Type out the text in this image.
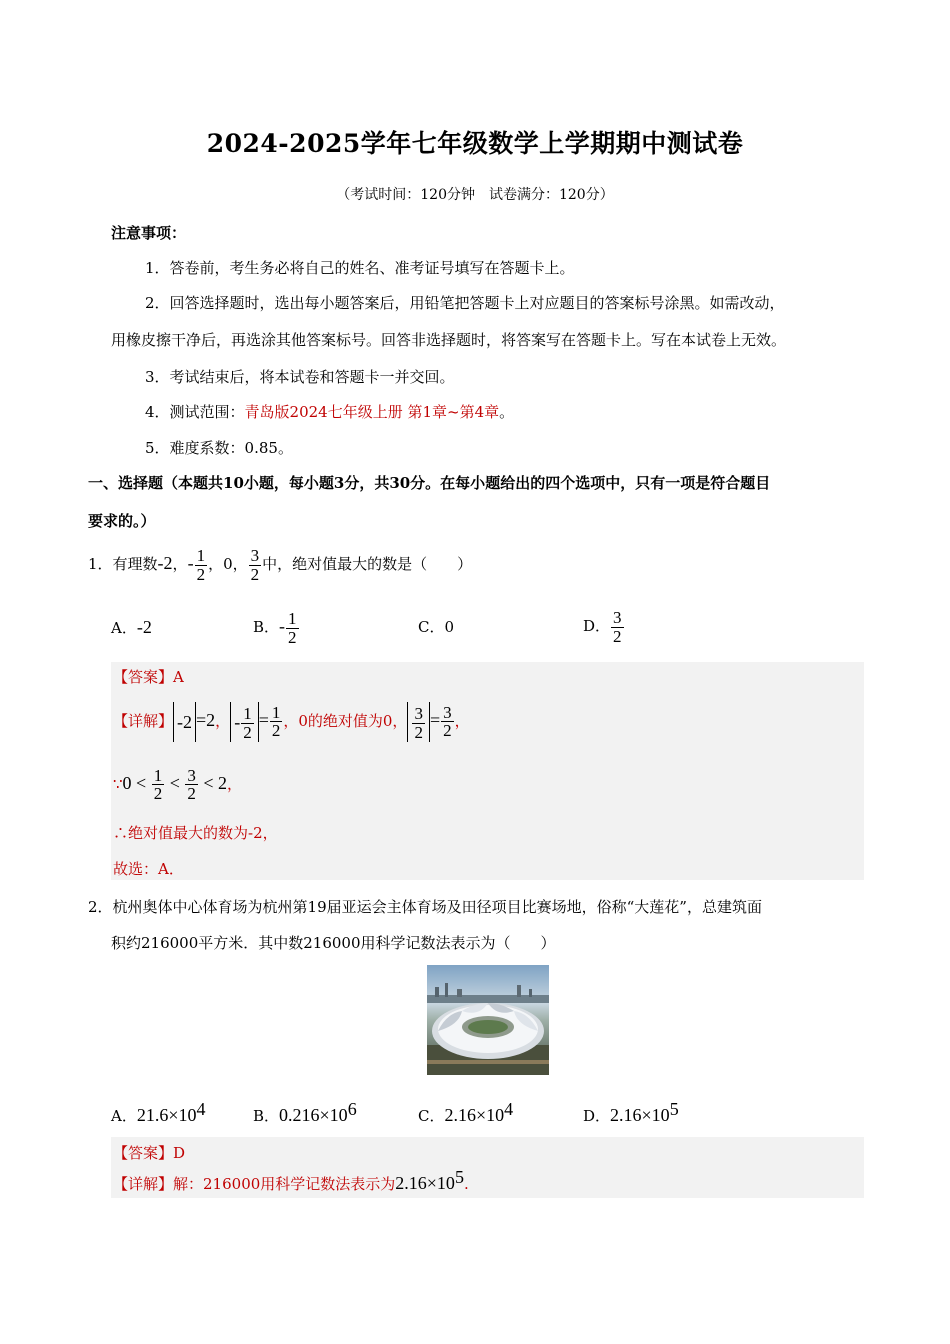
2024-2025学年七年级数学上学期期中测试卷
（考试时间：120分钟　试卷满分：120分）
注意事项：
1．答卷前，考生务必将自己的姓名、准考证号填写在答题卡上。
2．回答选择题时，选出每小题答案后，用铅笔把答题卡上对应题目的答案标号涂黑。如需改动，
用橡皮擦干净后，再选涂其他答案标号。回答非选择题时，将答案写在答题卡上。写在本试卷上无效。
3．考试结束后，将本试卷和答题卡一并交回。
4．测试范围：青岛版2024七年级上册 第1章~第4章。
5．难度系数：0.85。
一、选择题（本题共10小题，每小题3分，共30分。在每小题给出的四个选项中，只有一项是符合题目
要求的。）
1．有理数-2，- $\frac{1}{2}$ ，0， $\frac{3}{2}$ 中，绝对值最大的数是（　　）
A．-2	B．- $\frac{1}{2}$	C．0	D． $\frac{3}{2}$
【答案】A
【详解】 -2 =2， - $\frac{1}{2} = \frac{1}{2}$ ，0的绝对值为0， $\frac{3}{2} = \frac{3}{2}$ ，
∵0 < $\frac{1}{2} < \frac{3}{2} < 2$，
∴绝对值最大的数为-2，
故选：A．
2．杭州奥体中心体育场为杭州第19届亚运会主体育场及田径项目比赛场地，俗称“大莲花”，总建筑面
积约216000平方米．其中数216000用科学记数法表示为（　　）
A．$21.6\times 10^4$	B．$0.216\times 10^6$	C．$2.16\times 10^4$	D．$2.16\times 10^5$
【答案】D
【详解】解：216000用科学记数法表示为$2.16\times 10^5$.
